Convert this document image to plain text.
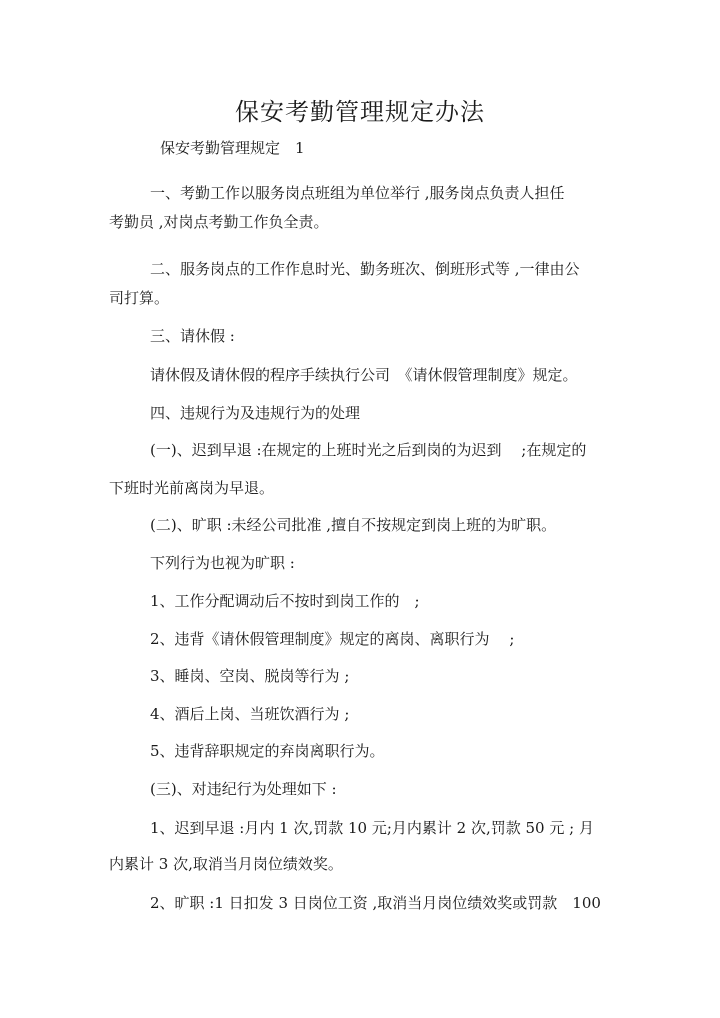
保安考勤管理规定办法
保安考勤管理规定　1
一、考勤工作以服务岗点班组为单位举行 ,服务岗点负责人担任
考勤员 ,对岗点考勤工作负全责。
二、服务岗点的工作作息时光、勤务班次、倒班形式等 ,一律由公
司打算。
三、请休假 :
请休假及请休假的程序手续执行公司　《请休假管理制度》规定。
四、违规行为及违规行为的处理
(一)、迟到早退 :在规定的上班时光之后到岗的为迟到　 ;在规定的
下班时光前离岗为早退。
(二)、旷职 :未经公司批准 ,擅自不按规定到岗上班的为旷职。
下列行为也视为旷职 :
1、工作分配调动后不按时到岗工作的　;
2、违背《请休假管理制度》规定的离岗、离职行为　 ;
3、睡岗、空岗、脱岗等行为 ;
4、酒后上岗、当班饮酒行为 ;
5、违背辞职规定的弃岗离职行为。
(三)、对违纪行为处理如下 :
1、迟到早退 :月内 1 次,罚款 10 元;月内累计 2 次,罚款 50 元 ; 月
内累计 3 次,取消当月岗位绩效奖。
2、旷职 :1 日扣发 3 日岗位工资 ,取消当月岗位绩效奖或罚款　100
